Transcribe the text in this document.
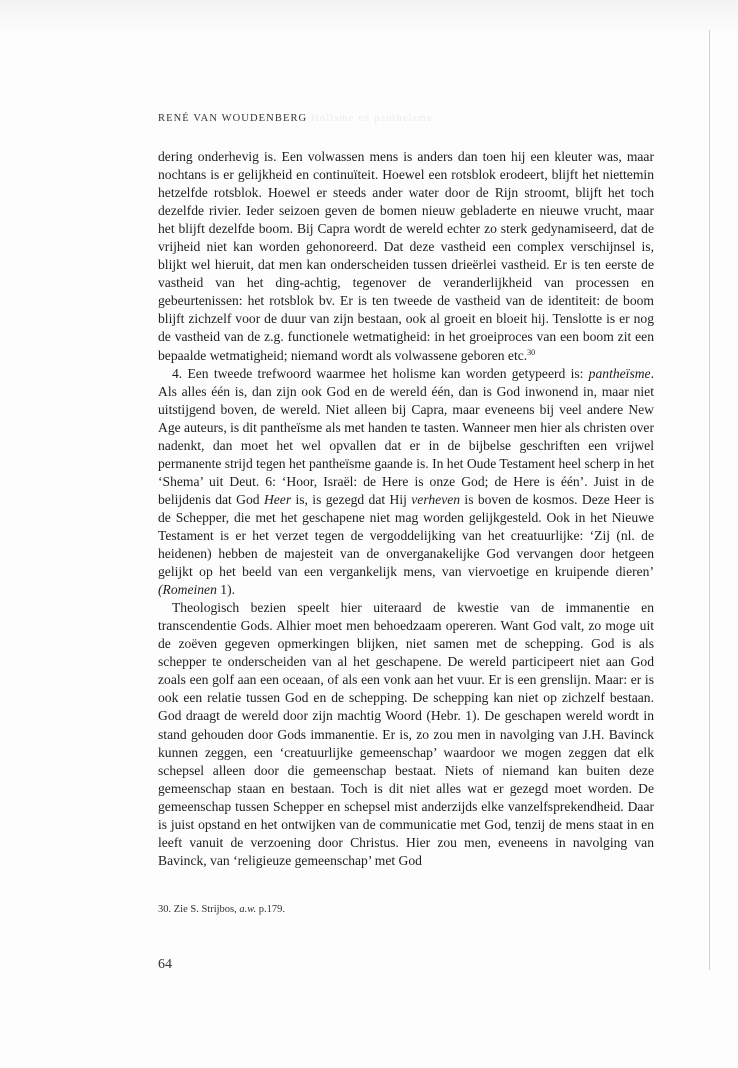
RENÉ VAN WOUDENBERG Holisme en pantheïsme

dering onderhevig is. Een volwassen mens is anders dan toen hij een kleuter was, maar nochtans is er gelijkheid en continuïteit. Hoewel een rotsblok erodeert, blijft het niettemin hetzelfde rotsblok. Hoewel er steeds ander water door de Rijn stroomt, blijft het toch dezelfde rivier. Ieder seizoen geven de bomen nieuw gebladerte en nieuwe vrucht, maar het blijft dezelfde boom. Bij Capra wordt de wereld echter zo sterk gedynamiseerd, dat de vrijheid niet kan worden gehonoreerd. Dat deze vastheid een complex verschijnsel is, blijkt wel hieruit, dat men kan onderscheiden tussen drieërlei vastheid. Er is ten eerste de vastheid van het ding-achtig, tegenover de veranderlijkheid van processen en gebeurtenissen: het rotsblok bv. Er is ten tweede de vastheid van de identiteit: de boom blijft zichzelf voor de duur van zijn bestaan, ook al groeit en bloeit hij. Tenslotte is er nog de vastheid van de z.g. functionele wetmatigheid: in het groeiproces van een boom zit een bepaalde wetmatigheid; niemand wordt als volwassene geboren etc.$^{30}$

4. Een tweede trefwoord waarmee het holisme kan worden getypeerd is: pantheïsme. Als alles één is, dan zijn ook God en de wereld één, dan is God inwonend in, maar niet uitstijgend boven, de wereld. Niet alleen bij Capra, maar eveneens bij veel andere New Age auteurs, is dit pantheïsme als met handen te tasten. Wanneer men hier als christen over nadenkt, dan moet het wel opvallen dat er in de bijbelse geschriften een vrijwel permanente strijd tegen het pantheïsme gaande is. In het Oude Testament heel scherp in het ‘Shema’ uit Deut. 6: ‘Hoor, Israël: de Here is onze God; de Here is één’. Juist in de belijdenis dat God Heer is, is gezegd dat Hij verheven is boven de kosmos. Deze Heer is de Schepper, die met het geschapene niet mag worden gelijkgesteld. Ook in het Nieuwe Testament is er het verzet tegen de vergoddelijking van het creatuurlijke: ‘Zij (nl. de heidenen) hebben de majesteit van de onverganakelijke God vervangen door hetgeen gelijkt op het beeld van een vergankelijk mens, van viervoetige en kruipende dieren’ (Romeinen 1).

Theologisch bezien speelt hier uiteraard de kwestie van de immanentie en transcendentie Gods. Alhier moet men behoedzaam opereren. Want God valt, zo moge uit de zoëven gegeven opmerkingen blijken, niet samen met de schepping. God is als schepper te onderscheiden van al het geschapene. De wereld participeert niet aan God zoals een golf aan een oceaan, of als een vonk aan het vuur. Er is een grenslijn. Maar: er is ook een relatie tussen God en de schepping. De schepping kan niet op zichzelf bestaan. God draagt de wereld door zijn machtig Woord (Hebr. 1). De geschapen wereld wordt in stand gehouden door Gods immanentie. Er is, zo zou men in navolging van J.H. Bavinck kunnen zeggen, een ‘creatuurlijke gemeenschap’ waardoor we mogen zeggen dat elk schepsel alleen door die gemeenschap bestaat. Niets of niemand kan buiten deze gemeenschap staan en bestaan. Toch is dit niet alles wat er gezegd moet worden. De gemeenschap tussen Schepper en schepsel mist anderzijds elke vanzelfsprekendheid. Daar is juist opstand en het ontwijken van de communicatie met God, tenzij de mens staat in en leeft vanuit de verzoening door Christus. Hier zou men, eveneens in navolging van Bavinck, van ‘religieuze gemeenschap’ met God

30. Zie S. Strijbos, a.w. p.179.
64
